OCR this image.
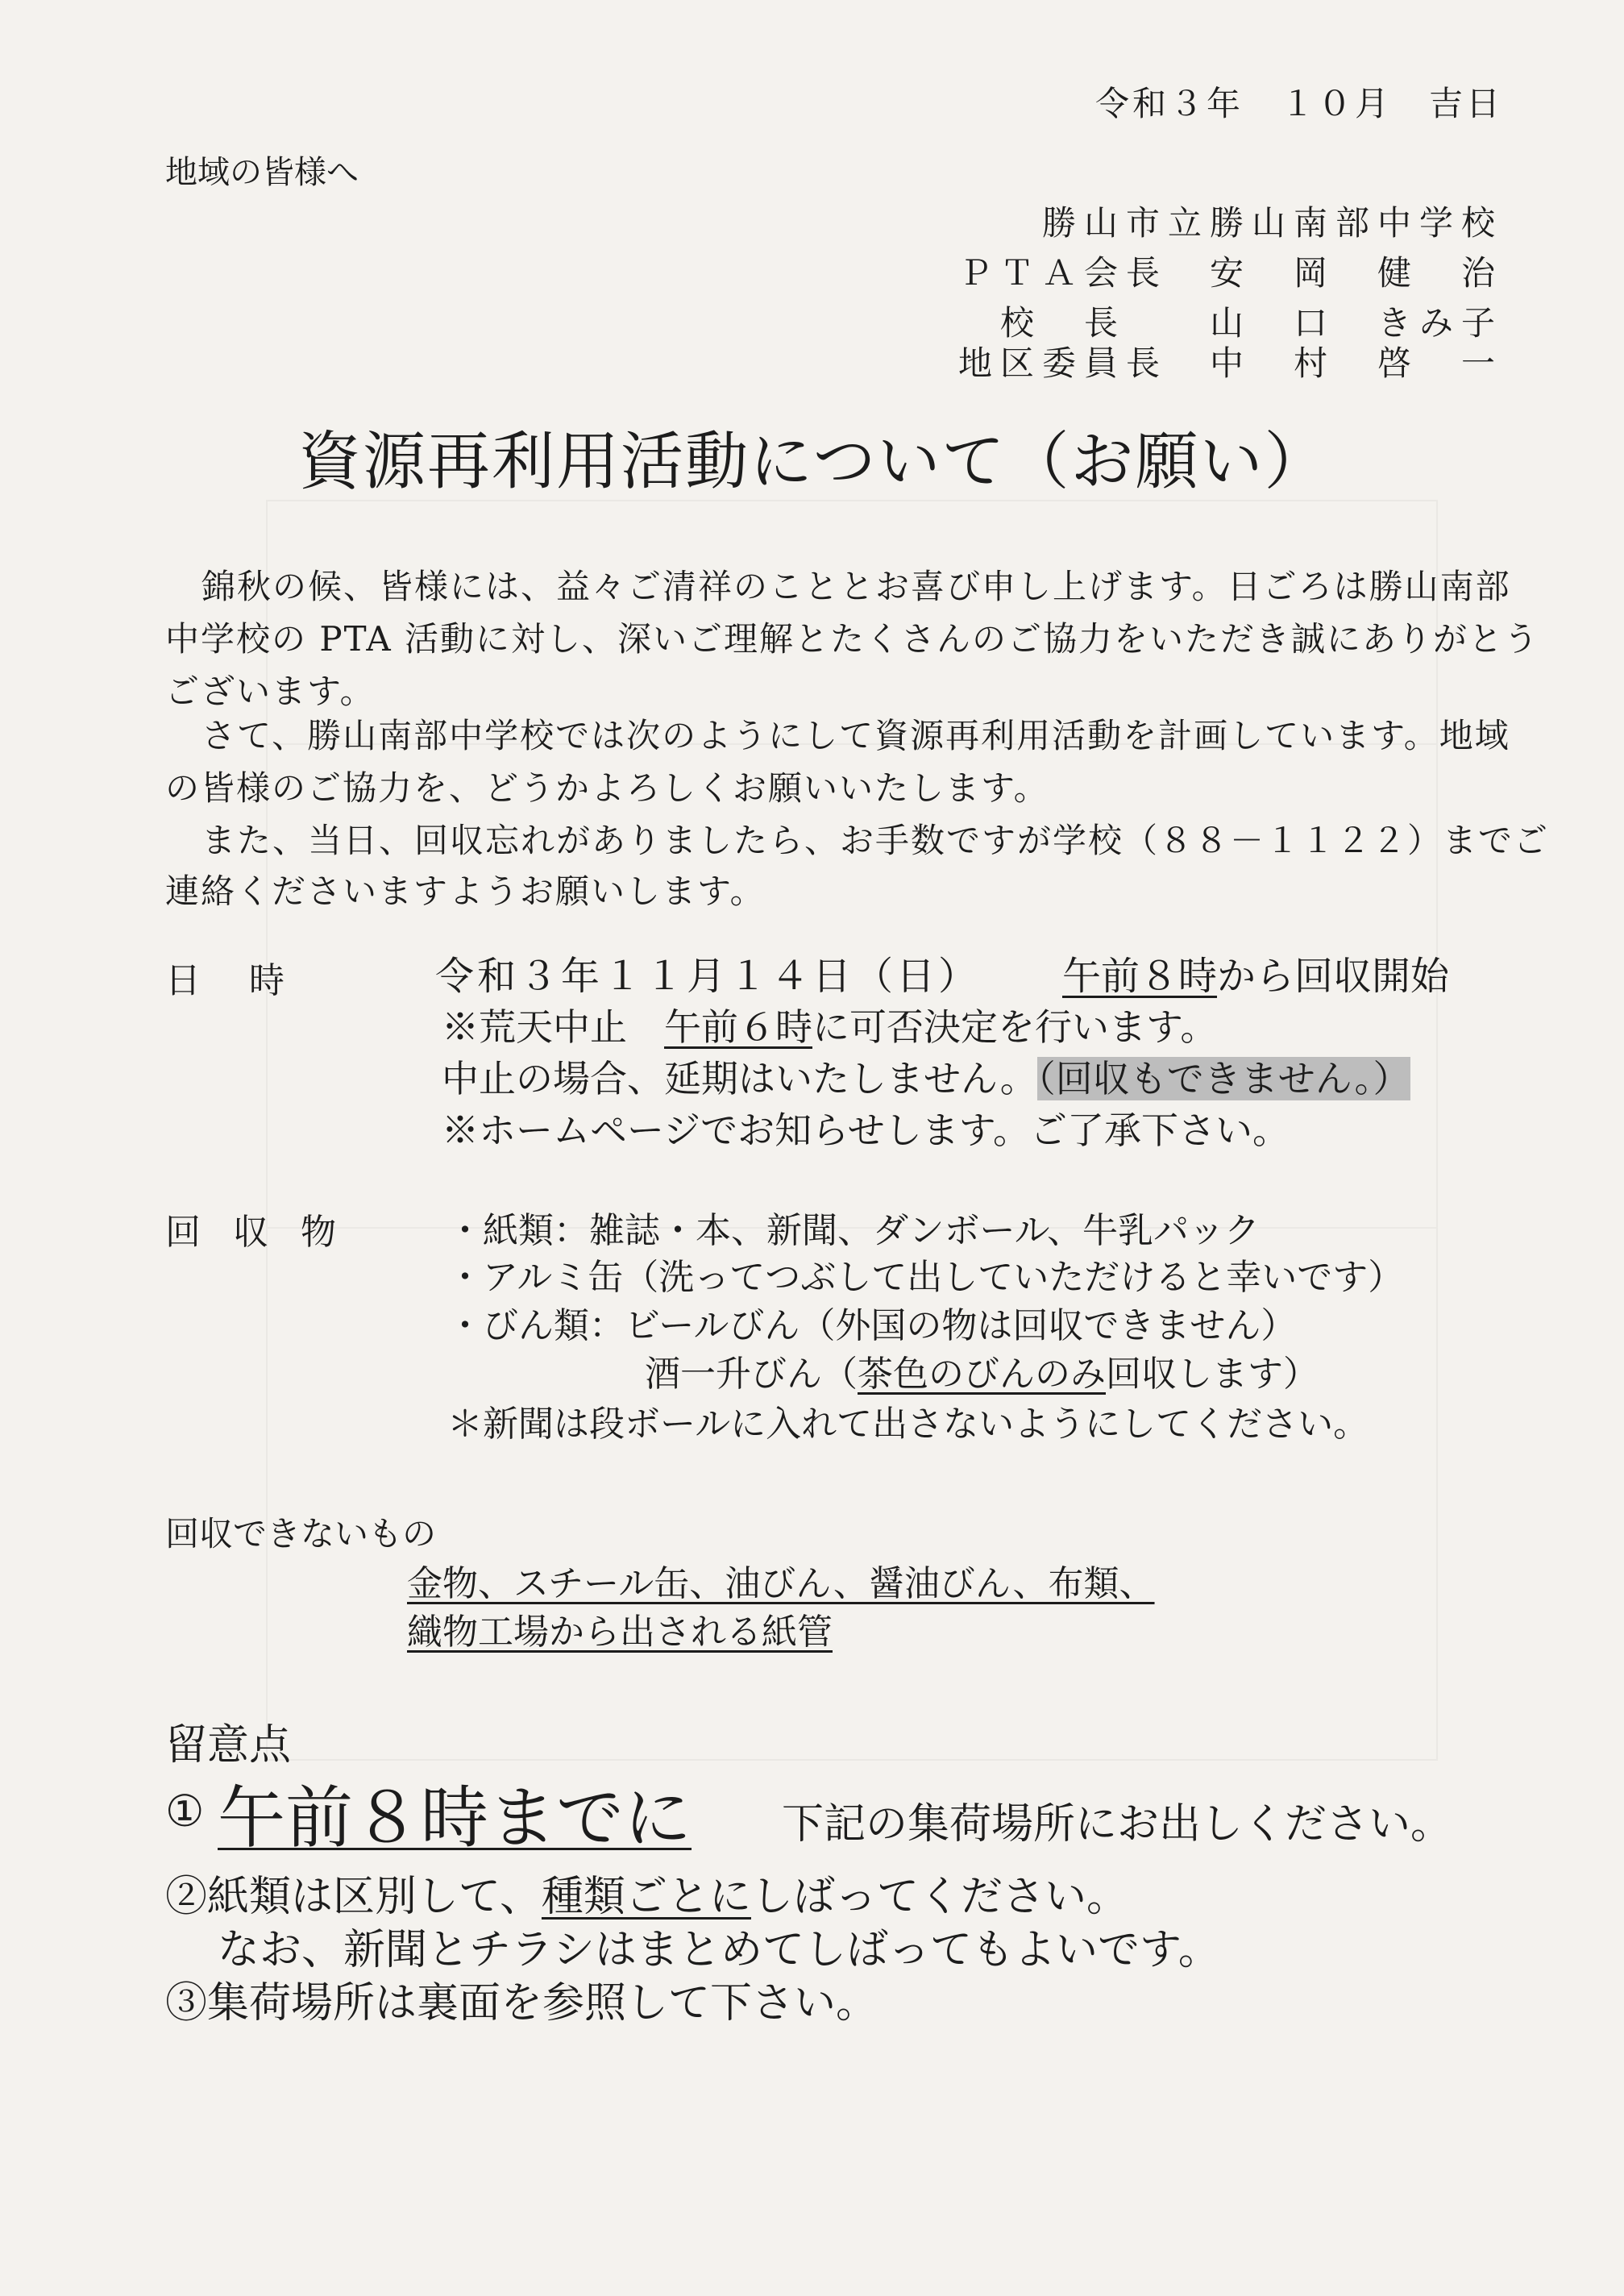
令和３年　１０月　吉日
地域の皆様へ
勝山市立勝山南部中学校
ＰＴＡ会長　安　岡　健　治
校　長　　山　口　きみ子
地区委員長　中　村　啓　一
資源再利用活動について（お願い）
錦秋の候、皆様には、益々ご清祥のこととお喜び申し上げます。日ごろは勝山南部
中学校の PTA 活動に対し、深いご理解とたくさんのご協力をいただき誠にありがとう
ございます。
さて、勝山南部中学校では次のようにして資源再利用活動を計画しています。地域
の皆様のご協力を、どうかよろしくお願いいたします。
また、当日、回収忘れがありましたら、お手数ですが学校（８８－１１２２）までご
連絡くださいますようお願いします。
日時	令和３年１１月１４日（日） 午前８時から回収開始
※荒天中止　午前６時に可否決定を行います。
中止の場合、延期はいたしません。（回収もできません。）
※ホームページでお知らせします。ご了承下さい。
回収物 ・紙類：雑誌・本、新聞、ダンボール、牛乳パック
・アルミ缶（洗ってつぶして出していただけると幸いです）
・びん類：ビールびん（外国の物は回収できません）
酒一升びん（茶色のびんのみ回収します）
＊新聞は段ボールに入れて出さないようにしてください。
回収できないもの
金物、スチール缶、油びん、醤油びん、布類、
織物工場から出される紙管
留意点
① 午前８時までに 下記の集荷場所にお出しください。
②紙類は区別して、種類ごとにしばってください。
なお、新聞とチラシはまとめてしばってもよいです。
③集荷場所は裏面を参照して下さい。
